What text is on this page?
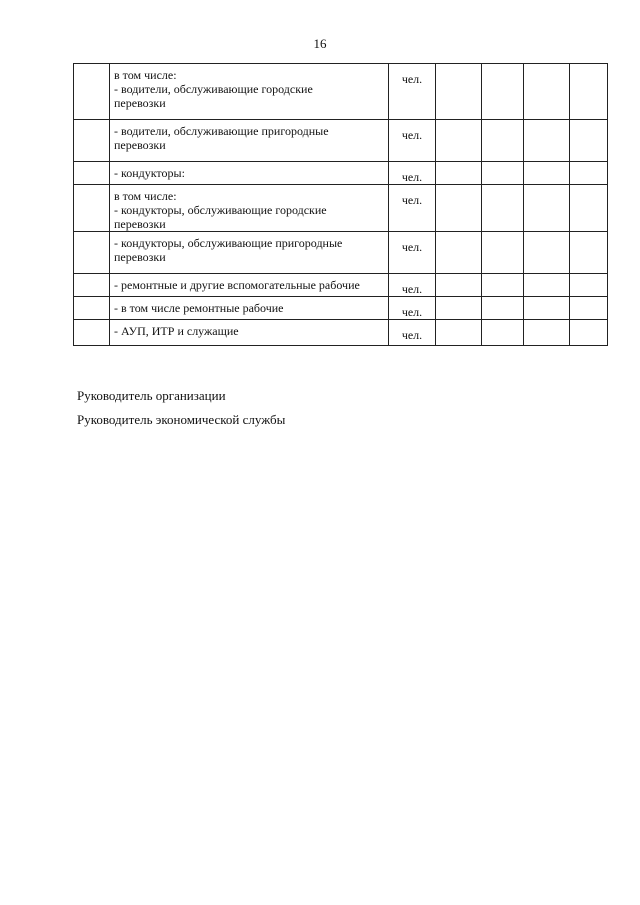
16

	в том числе:
- водители, обслуживающие городские
перевозки	чел.				

	- водители, обслуживающие пригородные
перевозки	чел.				

	- кондукторы:	чел.				

	в том числе:
- кондукторы, обслуживающие городские
перевозки	чел.				

	- кондукторы, обслуживающие пригородные
перевозки	чел.				

	- ремонтные и другие вспомогательные рабочие	чел.				

	- в том числе ремонтные рабочие	чел.				

	- АУП, ИТР и служащие	чел.				
Руководитель организации
Руководитель экономической службы
